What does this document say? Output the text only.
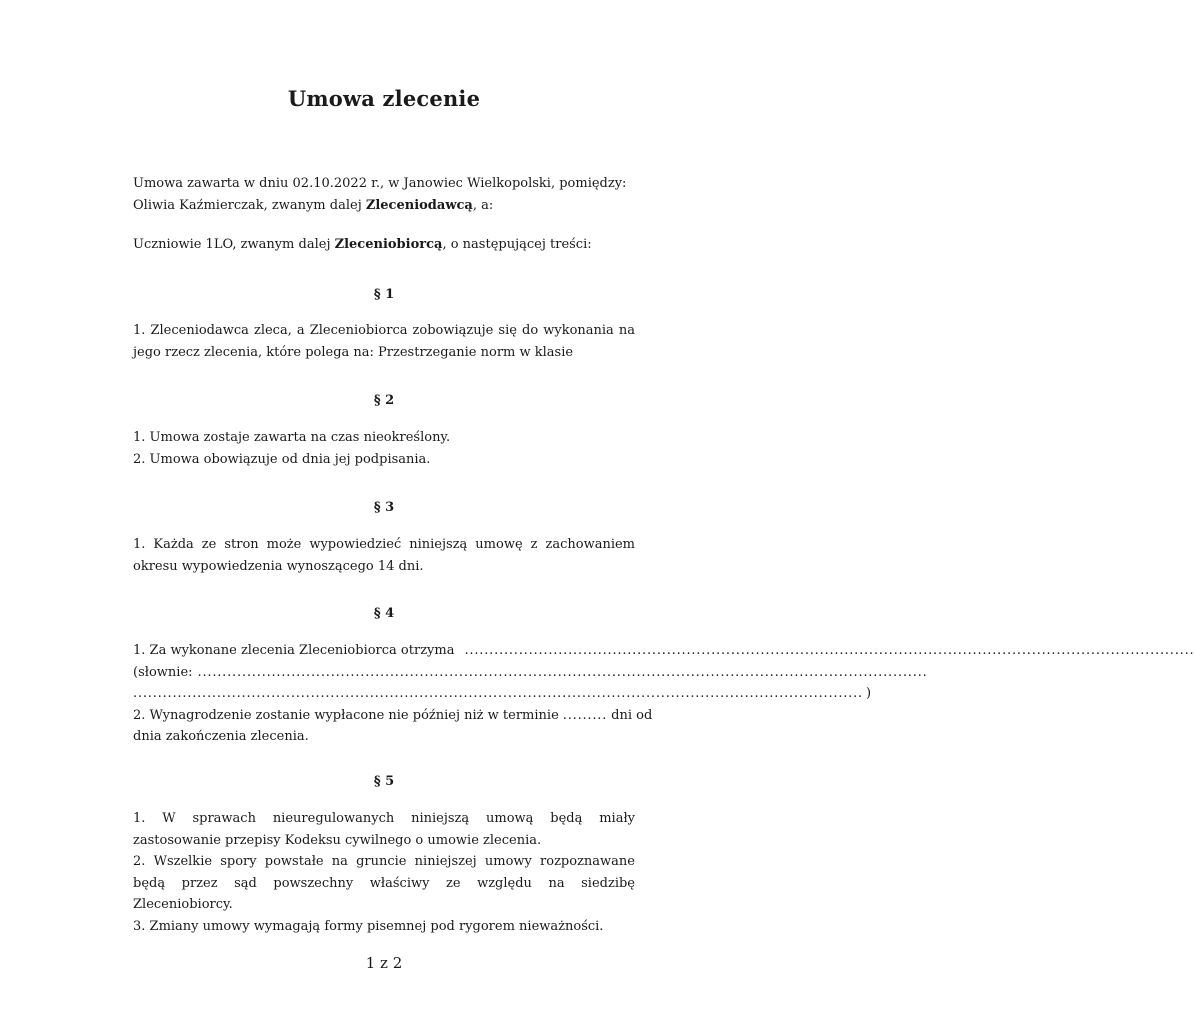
Umowa zlecenie
Umowa zawarta w dniu 02.10.2022 r., w Janowiec Wielkopolski, pomiędzy:
Oliwia Kaźmierczak, zwanym dalej Zleceniodawcą, a:
Uczniowie 1LO, zwanym dalej Zleceniobiorcą, o następującej treści:

§ 1

1. Zleceniodawca zleca, a Zleceniobiorca zobowiązuje się do wykonania na jego rzecz zlecenia, które polega na: Przestrzeganie norm w klasie

§ 2

1. Umowa zostaje zawarta na czas nieokreślony.
2. Umowa obowiązuje od dnia jej podpisania.

§ 3

1. Każda ze stron może wypowiedzieć niniejszą umowę z zachowaniem okresu wypowiedzenia wynoszącego 14 dni.

§ 4

1. Za wykonane zlecenia Zleceniobiorca otrzyma ....................................................................................................................................................
(słownie: ....................................................................................................................................................
.................................................................................................................................................... )
2. Wynagrodzenie zostanie wypłacone nie później niż w terminie ......... dni od
dnia zakończenia zlecenia.

§ 5

1. W sprawach nieuregulowanych niniejszą umową będą miały zastosowanie przepisy Kodeksu cywilnego o umowie zlecenia.
2. Wszelkie spory powstałe na gruncie niniejszej umowy rozpoznawane będą przez sąd powszechny właściwy ze względu na siedzibę Zleceniobiorcy.
3. Zmiany umowy wymagają formy pisemnej pod rygorem nieważności.

1 z 2
